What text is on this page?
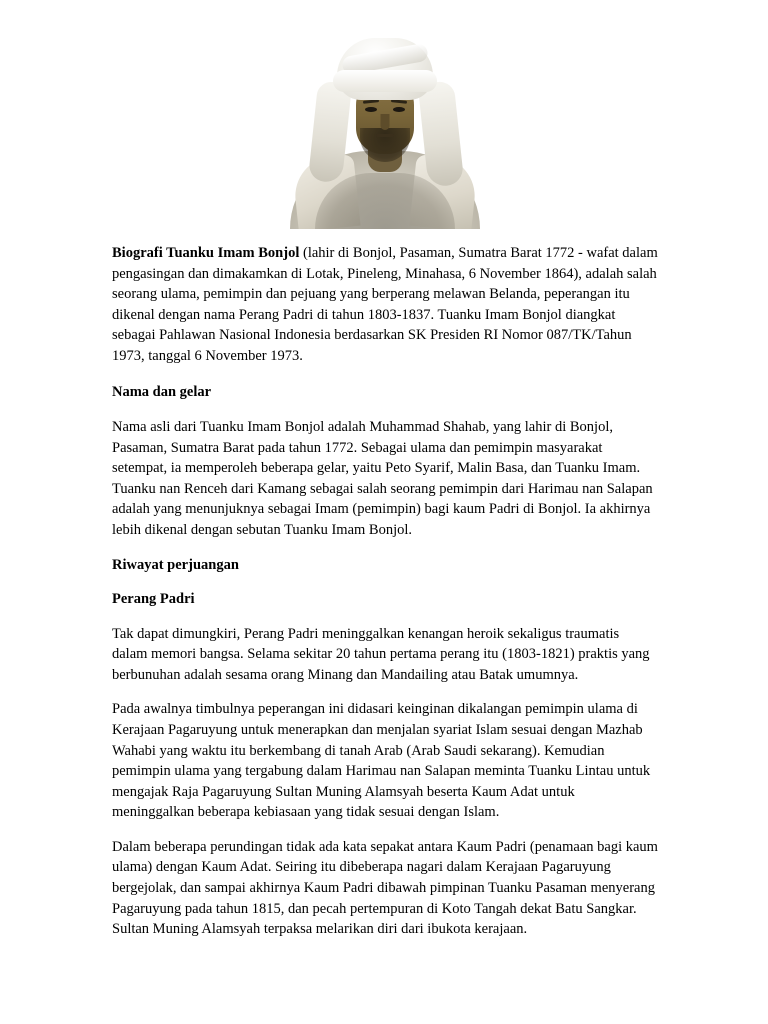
Biografi Tuanku Imam Bonjol (lahir di Bonjol, Pasaman, Sumatra Barat 1772 - wafat dalam pengasingan dan dimakamkan di Lotak, Pineleng, Minahasa, 6 November 1864), adalah salah seorang ulama, pemimpin dan pejuang yang berperang melawan Belanda, peperangan itu dikenal dengan nama Perang Padri di tahun 1803-1837. Tuanku Imam Bonjol diangkat sebagai Pahlawan Nasional Indonesia berdasarkan SK Presiden RI Nomor 087/TK/Tahun 1973, tanggal 6 November 1973.

Nama dan gelar

Nama asli dari Tuanku Imam Bonjol adalah Muhammad Shahab, yang lahir di Bonjol, Pasaman, Sumatra Barat pada tahun 1772. Sebagai ulama dan pemimpin masyarakat setempat, ia memperoleh beberapa gelar, yaitu Peto Syarif, Malin Basa, dan Tuanku Imam. Tuanku nan Renceh dari Kamang sebagai salah seorang pemimpin dari Harimau nan Salapan adalah yang menunjuknya sebagai Imam (pemimpin) bagi kaum Padri di Bonjol. Ia akhirnya lebih dikenal dengan sebutan Tuanku Imam Bonjol.

Riwayat perjuangan
Perang Padri

Tak dapat dimungkiri, Perang Padri meninggalkan kenangan heroik sekaligus traumatis dalam memori bangsa. Selama sekitar 20 tahun pertama perang itu (1803-1821) praktis yang berbunuhan adalah sesama orang Minang dan Mandailing atau Batak umumnya.

Pada awalnya timbulnya peperangan ini didasari keinginan dikalangan pemimpin ulama di Kerajaan Pagaruyung untuk menerapkan dan menjalan syariat Islam sesuai dengan Mazhab Wahabi yang waktu itu berkembang di tanah Arab (Arab Saudi sekarang). Kemudian pemimpin ulama yang tergabung dalam Harimau nan Salapan meminta Tuanku Lintau untuk mengajak Raja Pagaruyung Sultan Muning Alamsyah beserta Kaum Adat untuk meninggalkan beberapa kebiasaan yang tidak sesuai dengan Islam.

Dalam beberapa perundingan tidak ada kata sepakat antara Kaum Padri (penamaan bagi kaum ulama) dengan Kaum Adat. Seiring itu dibeberapa nagari dalam Kerajaan Pagaruyung bergejolak, dan sampai akhirnya Kaum Padri dibawah pimpinan Tuanku Pasaman menyerang Pagaruyung pada tahun 1815, dan pecah pertempuran di Koto Tangah dekat Batu Sangkar. Sultan Muning Alamsyah terpaksa melarikan diri dari ibukota kerajaan.
